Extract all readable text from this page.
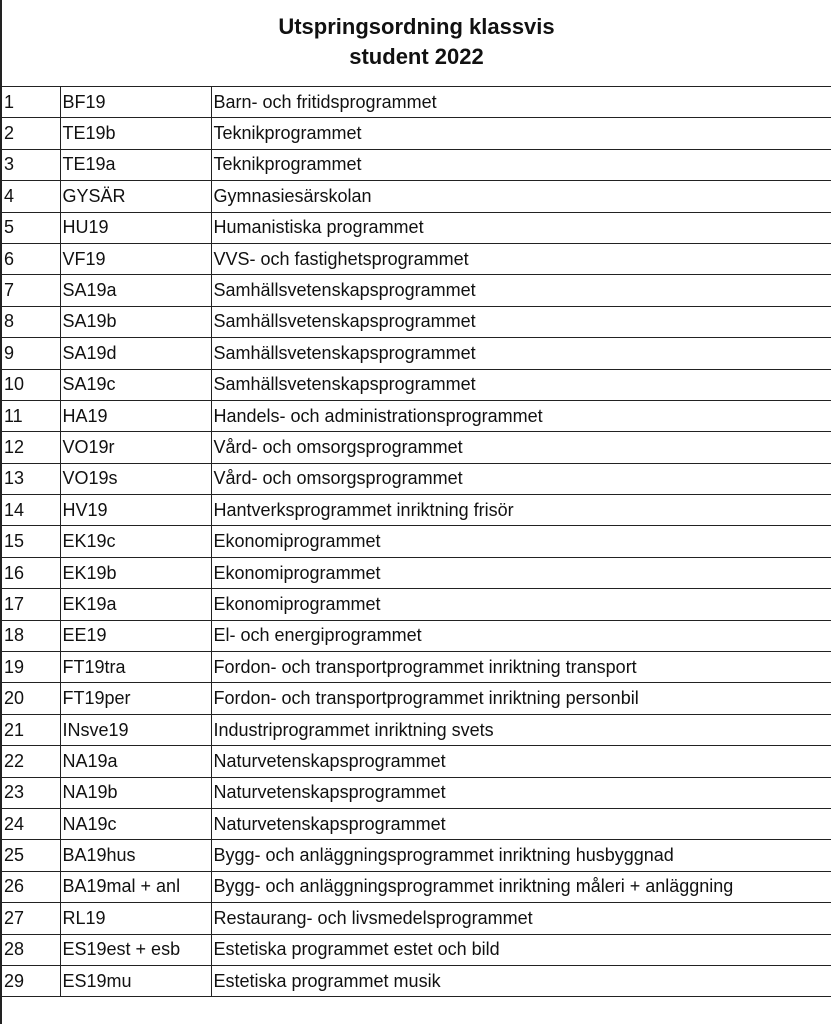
Utspringsordning klassvis
student 2022
1	BF19	Barn- och fritidsprogrammet
2	TE19b	Teknikprogrammet
3	TE19a	Teknikprogrammet
4	GYSÄR	Gymnasiesärskolan
5	HU19	Humanistiska programmet
6	VF19	VVS- och fastighetsprogrammet
7	SA19a	Samhällsvetenskapsprogrammet
8	SA19b	Samhällsvetenskapsprogrammet
9	SA19d	Samhällsvetenskapsprogrammet
10	SA19c	Samhällsvetenskapsprogrammet
11	HA19	Handels- och administrationsprogrammet
12	VO19r	Vård- och omsorgsprogrammet
13	VO19s	Vård- och omsorgsprogrammet
14	HV19	Hantverksprogrammet inriktning frisör
15	EK19c	Ekonomiprogrammet
16	EK19b	Ekonomiprogrammet
17	EK19a	Ekonomiprogrammet
18	EE19	El- och energiprogrammet
19	FT19tra	Fordon- och transportprogrammet inriktning transport
20	FT19per	Fordon- och transportprogrammet inriktning personbil
21	INsve19	Industriprogrammet inriktning svets
22	NA19a	Naturvetenskapsprogrammet
23	NA19b	Naturvetenskapsprogrammet
24	NA19c	Naturvetenskapsprogrammet
25	BA19hus	Bygg- och anläggningsprogrammet inriktning husbyggnad
26	BA19mal + anl	Bygg- och anläggningsprogrammet inriktning måleri + anläggning
27	RL19	Restaurang- och livsmedelsprogrammet
28	ES19est + esb	Estetiska programmet estet och bild
29	ES19mu	Estetiska programmet musik
